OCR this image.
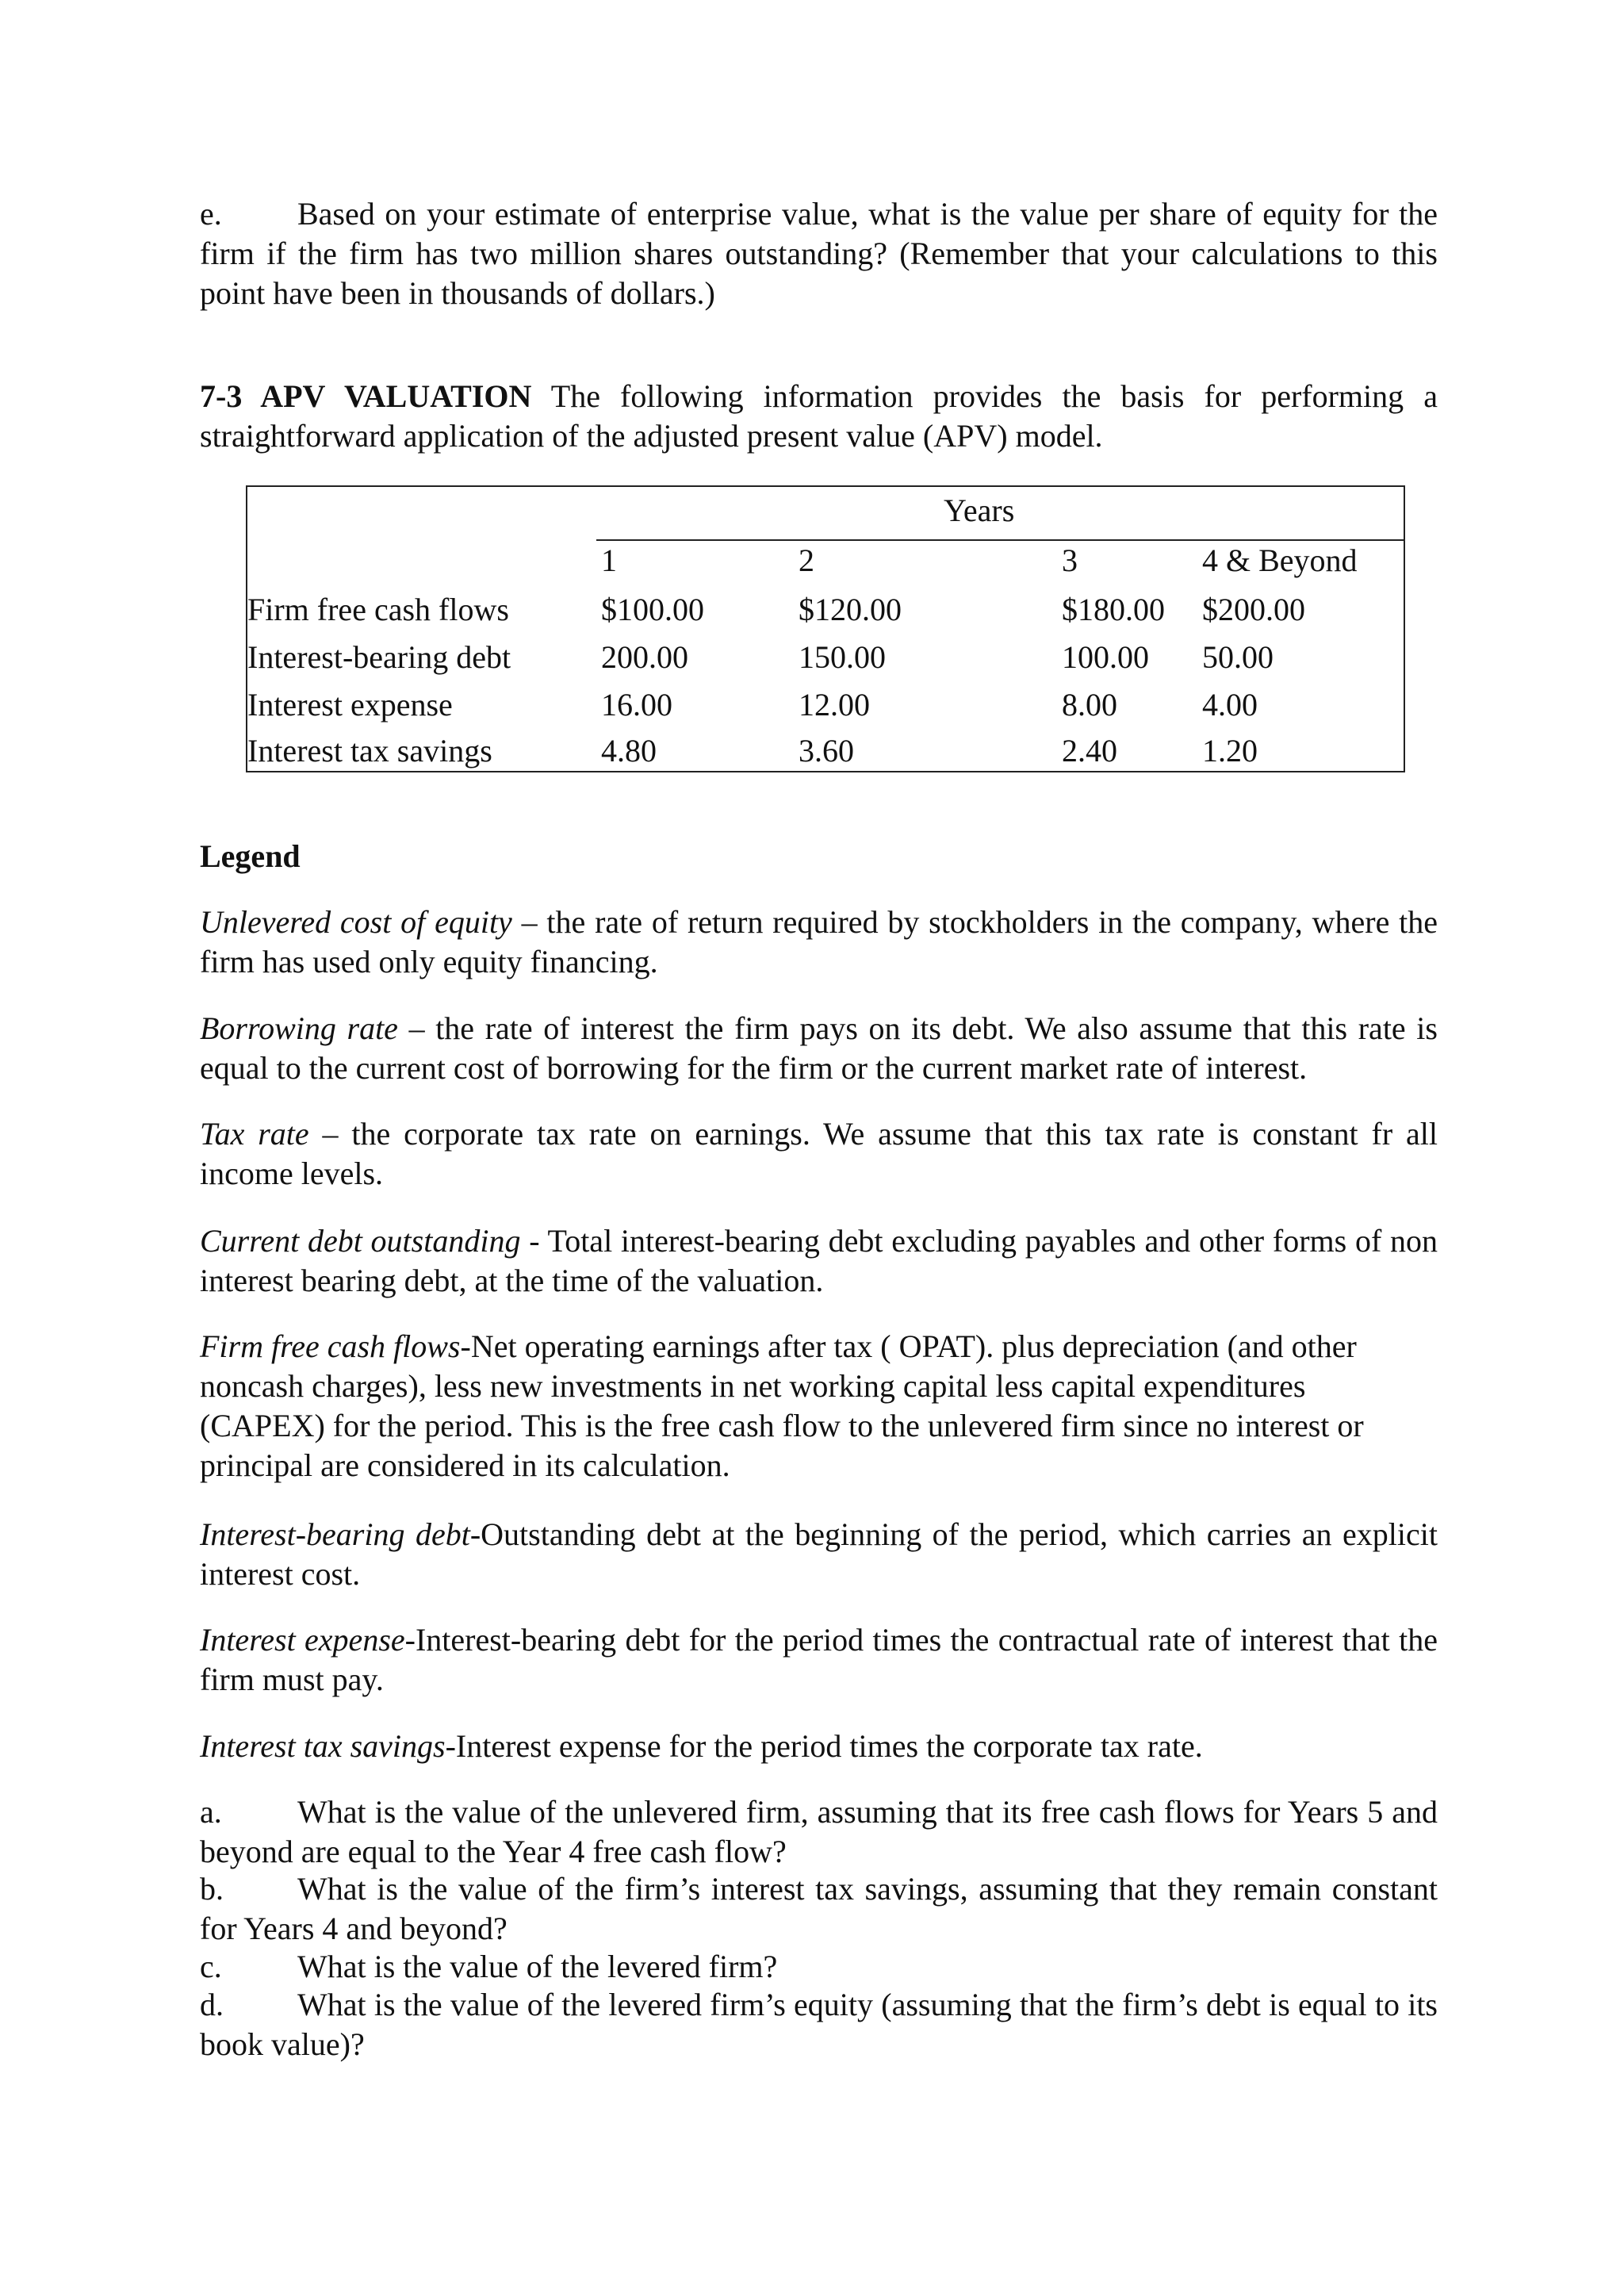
e. Based on your estimate of enterprise value, what is the value per share of equity for the firm if the firm has two million shares outstanding? (Remember that your calculations to this point have been in thousands of dollars.)

7-3 APV VALUATION The following information provides the basis for performing a straightforward application of the adjusted present value (APV) model.

Years
1	2	3	4 & Beyond
Firm free cash flows	$100.00	$120.00	$180.00 $200.00
Interest-bearing debt	200.00	150.00	100.00 50.00
Interest expense	16.00	12.00	8.00	4.00
Interest tax savings	4.80	3.60	2.40	1.20

Legend

Unlevered cost of equity – the rate of return required by stockholders in the company, where the firm has used only equity financing.

Borrowing rate – the rate of interest the firm pays on its debt. We also assume that this rate is equal to the current cost of borrowing for the firm or the current market rate of interest.

Tax rate – the corporate tax rate on earnings. We assume that this tax rate is constant fr all income levels.

Current debt outstanding - Total interest-bearing debt excluding payables and other forms of non interest bearing debt, at the time of the valuation.

Firm free cash flows-Net operating earnings after tax ( OPAT). plus depreciation (and other noncash charges), less new investments in net working capital less capital expenditures (CAPEX) for the period. This is the free cash flow to the unlevered firm since no interest or principal are considered in its calculation.

Interest-bearing debt-Outstanding debt at the beginning of the period, which carries an explicit interest cost.

Interest expense-Interest-bearing debt for the period times the contractual rate of interest that the firm must pay.

Interest tax savings-Interest expense for the period times the corporate tax rate.

a. What is the value of the unlevered firm, assuming that its free cash flows for Years 5 and beyond are equal to the Year 4 free cash flow?

b. What is the value of the firm’s interest tax savings, assuming that they remain constant for Years 4 and beyond?

c. What is the value of the levered firm?

d. What is the value of the levered firm’s equity (assuming that the firm’s debt is equal to its book value)?
